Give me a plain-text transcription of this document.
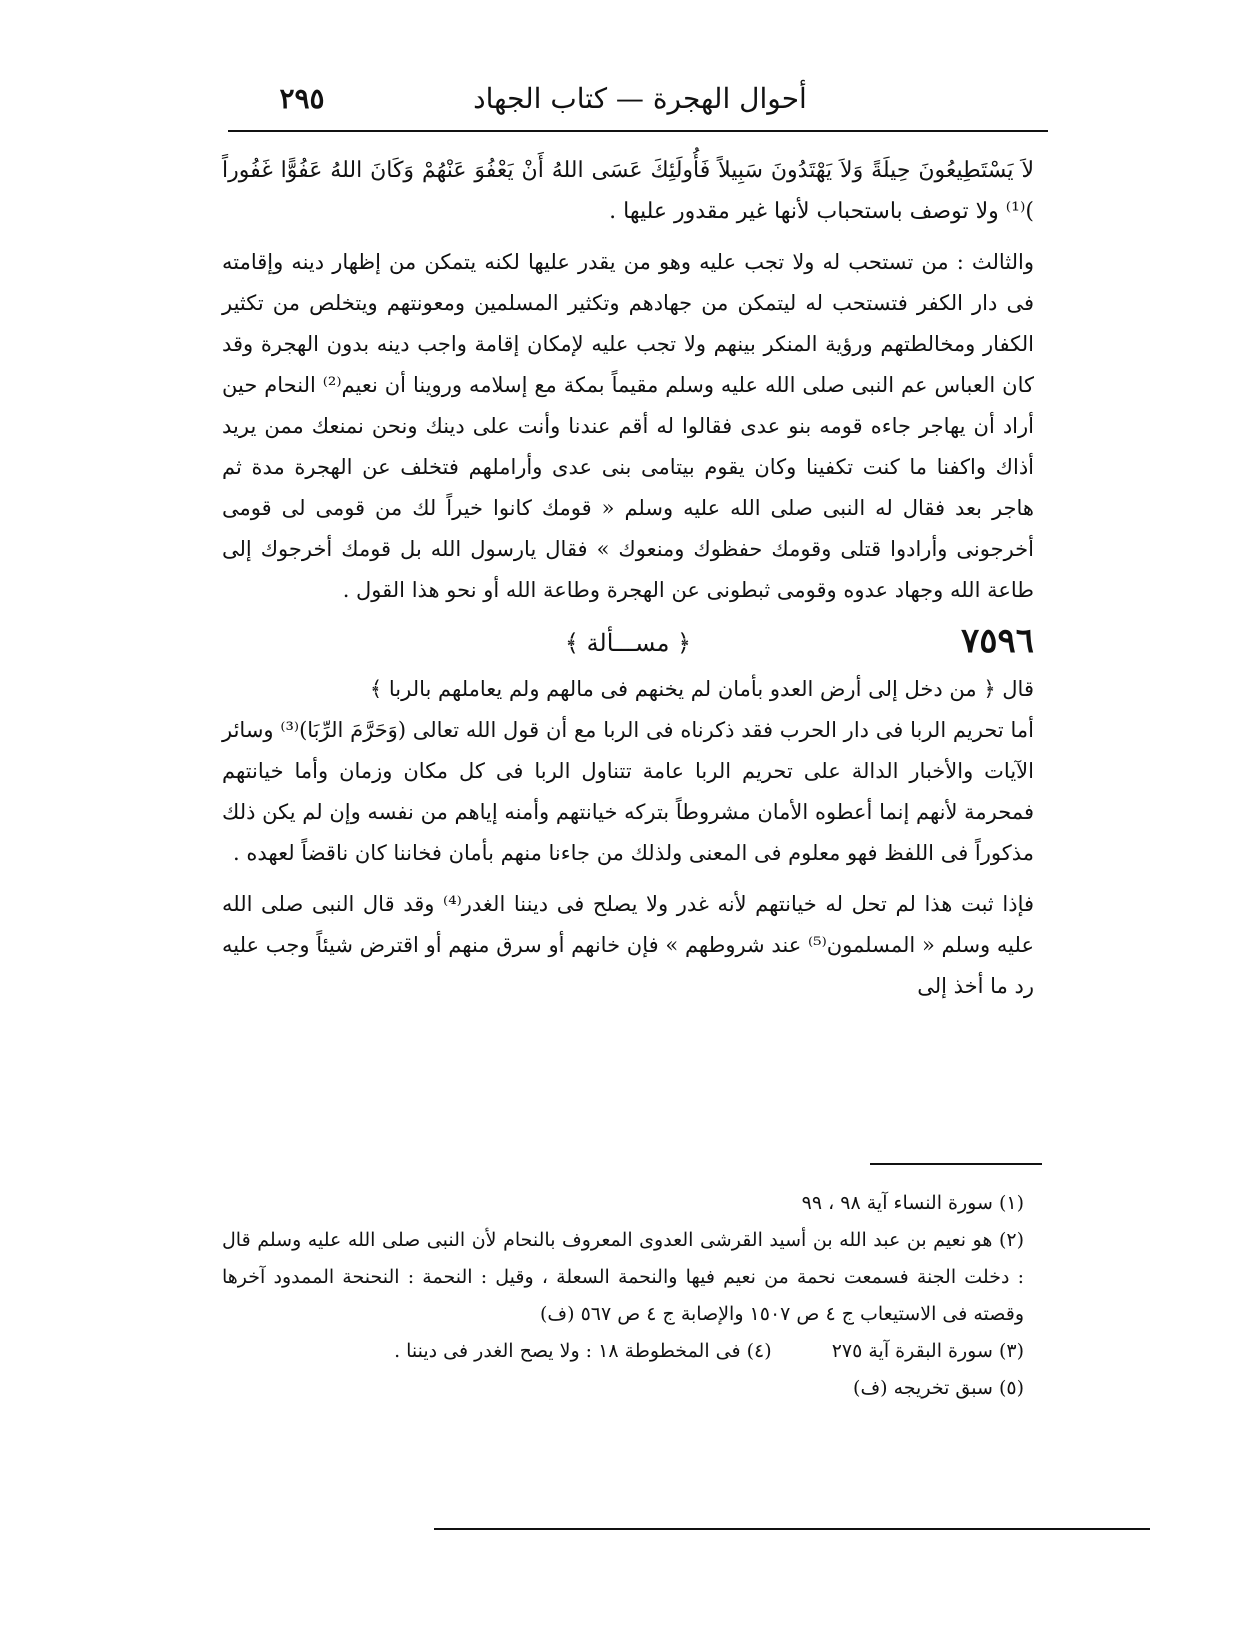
أحوال الهجرة — كتاب الجهاد
٢٩٥

لاَ يَسْتَطِيعُونَ حِيلَةً وَلاَ يَهْتَدُونَ سَبِيلاً فَأُولَئِكَ عَسَى اللهُ أَنْ يَعْفُوَ عَنْهُمْ وَكَانَ اللهُ عَفُوًّا غَفُوراً )⁽¹⁾ ولا توصف باستحباب لأنها غير مقدور عليها .

والثالث : من تستحب له ولا تجب عليه وهو من يقدر عليها لكنه يتمكن من إظهار دينه وإقامته فى دار الكفر فتستحب له ليتمكن من جهادهم وتكثير المسلمين ومعونتهم ويتخلص من تكثير الكفار ومخالطتهم ورؤية المنكر بينهم ولا تجب عليه لإمكان إقامة واجب دينه بدون الهجرة وقد كان العباس عم النبى صلى الله عليه وسلم مقيماً بمكة مع إسلامه وروينا أن نعيم⁽²⁾ النحام حين أراد أن يهاجر جاءه قومه بنو عدى فقالوا له أقم عندنا وأنت على دينك ونحن نمنعك ممن يريد أذاك واكفنا ما كنت تكفينا وكان يقوم بيتامى بنى عدى وأراملهم فتخلف عن الهجرة مدة ثم هاجر بعد فقال له النبى صلى الله عليه وسلم « قومك كانوا خيراً لك من قومى لى قومى أخرجونى وأرادوا قتلى وقومك حفظوك ومنعوك » فقال يارسول الله بل قومك أخرجوك إلى طاعة الله وجهاد عدوه وقومى ثبطونى عن الهجرة وطاعة الله أو نحو هذا القول .

٧٥٩٦
﴿ مســـألة ﴾

قال ﴿ من دخل إلى أرض العدو بأمان لم يخنهم فى مالهم ولم يعاملهم بالربا ﴾

أما تحريم الربا فى دار الحرب فقد ذكرناه فى الربا مع أن قول الله تعالى (وَحَرَّمَ الرِّبَا)⁽³⁾ وسائر الآيات والأخبار الدالة على تحريم الربا عامة تتناول الربا فى كل مكان وزمان وأما خيانتهم فمحرمة لأنهم إنما أعطوه الأمان مشروطاً بتركه خيانتهم وأمنه إياهم من نفسه وإن لم يكن ذلك مذكوراً فى اللفظ فهو معلوم فى المعنى ولذلك من جاءنا منهم بأمان فخاننا كان ناقضاً لعهده .

فإذا ثبت هذا لم تحل له خيانتهم لأنه غدر ولا يصلح فى ديننا الغدر⁽⁴⁾ وقد قال النبى صلى الله عليه وسلم « المسلمون⁽⁵⁾ عند شروطهم » فإن خانهم أو سرق منهم أو اقترض شيئاً وجب عليه رد ما أخذ إلى

(١) سورة النساء آية ٩٨ ، ٩٩
(٢) هو نعيم بن عبد الله بن أسيد القرشى العدوى المعروف بالنحام لأن النبى صلى الله عليه وسلم قال : دخلت الجنة فسمعت نحمة من نعيم فيها والنحمة السعلة ، وقيل : النحمة : النحنحة الممدود آخرها وقصته فى الاستيعاب ج ٤ ص ١٥٠٧ والإصابة ج ٤ ص ٥٦٧ (ف)
(٣) سورة البقرة آية ٢٧٥
(٤) فى المخطوطة ١٨ : ولا يصح الغدر فى ديننا .
(٥) سبق تخريجه (ف)
